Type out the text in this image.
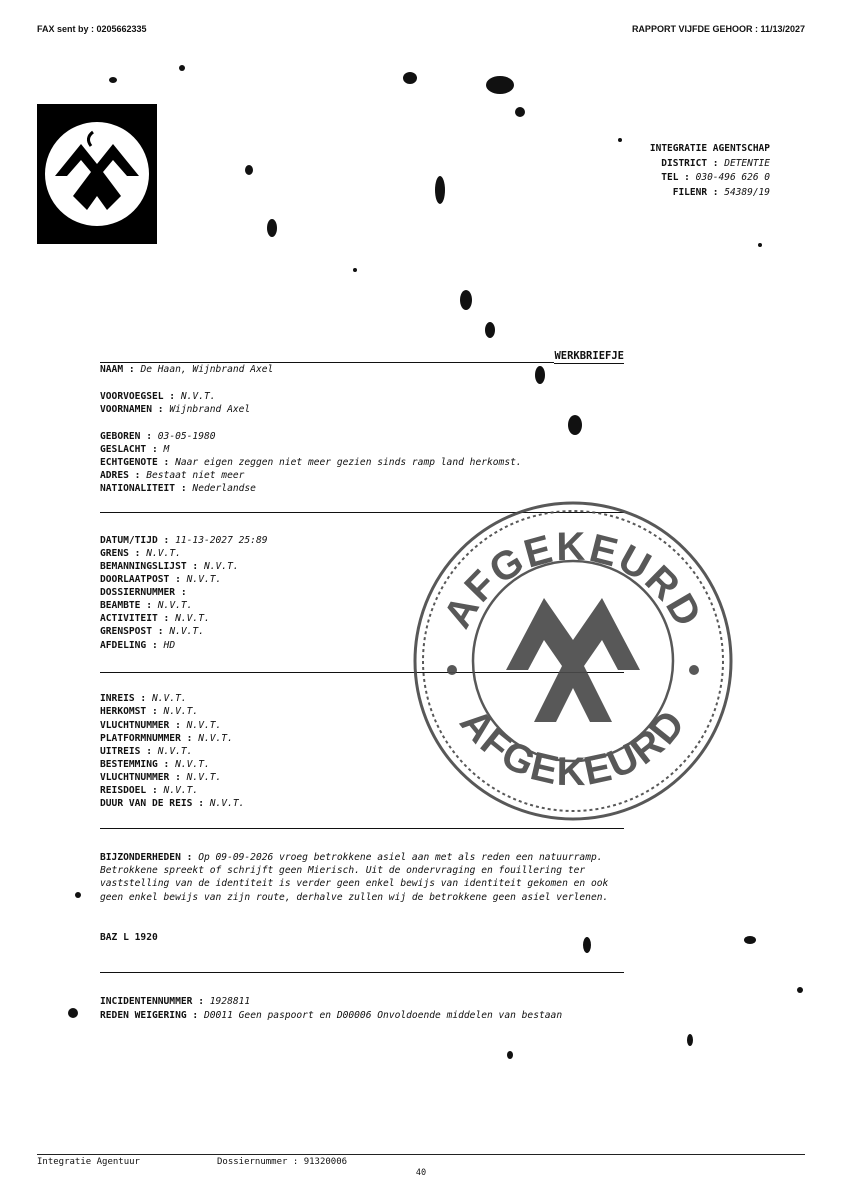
FAX sent by : 0205662335	RAPPORT VIJFDE GEHOOR : 11/13/2027
INTEGRATIE AGENTSCHAP
DISTRICT : DETENTIE
TEL : 030-496 626 0
FILENR : 54389/19
WERKBRIEFJE
NAAM : De Haan, Wijnbrand Axel
VOORVOEGSEL : N.V.T.
VOORNAMEN : Wijnbrand Axel
GEBOREN : 03-05-1980
GESLACHT : M
ECHTGENOTE : Naar eigen zeggen niet meer gezien sinds ramp land herkomst.
ADRES : Bestaat niet meer
NATIONALITEIT : Nederlandse
DATUM/TIJD : 11-13-2027 25:89
GRENS : N.V.T.
BEMANNINGSLIJST : N.V.T.
DOORLAATPOST : N.V.T.
DOSSIERNUMMER :
BEAMBTE : N.V.T.
ACTIVITEIT : N.V.T.
GRENSPOST : N.V.T.
AFDELING : HD
INREIS : N.V.T.
HERKOMST : N.V.T.
VLUCHTNUMMER : N.V.T.
PLATFORMNUMMER : N.V.T.
UITREIS : N.V.T.
BESTEMMING : N.V.T.
VLUCHTNUMMER : N.V.T.
REISDOEL : N.V.T.
DUUR VAN DE REIS : N.V.T.
BIJZONDERHEDEN : Op 09-09-2026 vroeg betrokkene asiel aan met als reden een natuurramp. Betrokkene spreekt of schrijft geen Mierisch. Uit de ondervraging en fouillering ter vaststelling van de identiteit is verder geen enkel bewijs van identiteit gekomen en ook geen enkel bewijs van zijn route, derhalve zullen wij de betrokkene geen asiel verlenen.
BAZ L 1920
INCIDENTENNUMMER : 1928811
REDEN WEIGERING : D0011 Geen paspoort en D00006 Onvoldoende middelen van bestaan
AFGEKEURD
AFGEKEURD
Integratie Agentuur	Dossiernummer : 91320006
40
